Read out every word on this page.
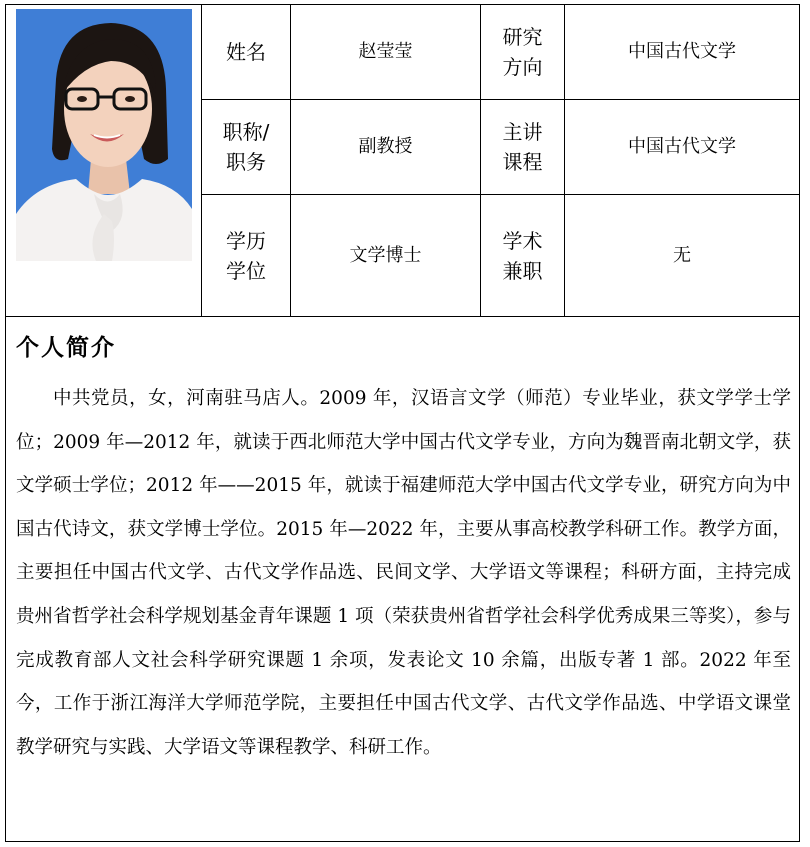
姓名	赵莹莹
研究
方向
中国古代文学
职称/
职务
副教授
主讲
课程
中国古代文学
学历
学位
文学博士
学术
兼职
无
个人简介

中共党员，女，河南驻马店人。2009 年，汉语言文学（师范）专业毕业，获文学学士学位；2009 年—2012 年，就读于西北师范大学中国古代文学专业，方向为魏晋南北朝文学，获文学硕士学位；2012 年——2015 年，就读于福建师范大学中国古代文学专业，研究方向为中国古代诗文，获文学博士学位。2015 年—2022 年，主要从事高校教学科研工作。教学方面，主要担任中国古代文学、古代文学作品选、民间文学、大学语文等课程；科研方面，主持完成贵州省哲学社会科学规划基金青年课题 1 项（荣获贵州省哲学社会科学优秀成果三等奖），参与完成教育部人文社会科学研究课题 1 余项，发表论文 10 余篇，出版专著 1 部。2022 年至今，工作于浙江海洋大学师范学院，主要担任中国古代文学、古代文学作品选、中学语文课堂教学研究与实践、大学语文等课程教学、科研工作。
